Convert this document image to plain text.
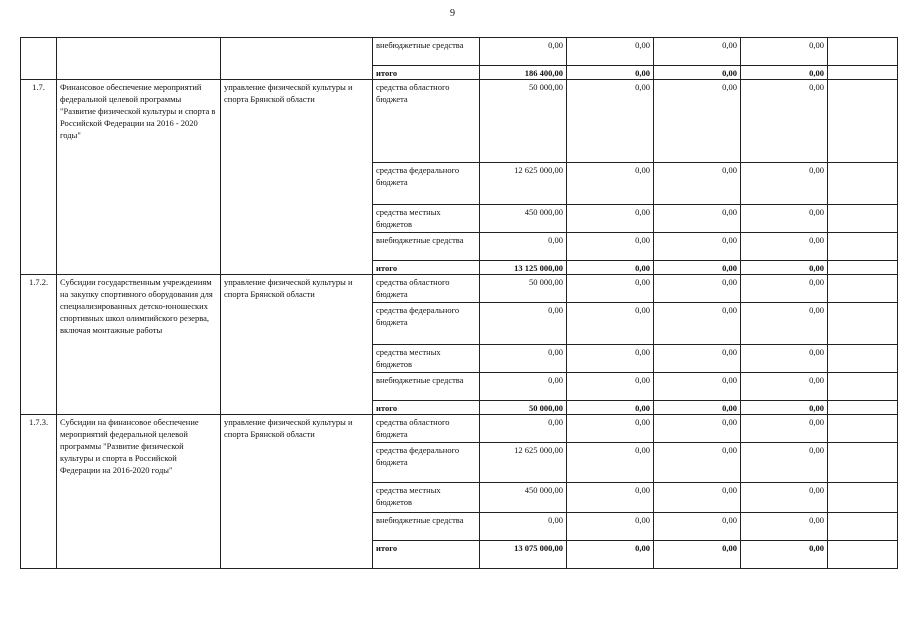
9
			внебюджетные средства	0,00	0,00	0,00	0,00	
			итого	186 400,00	0,00	0,00	0,00	
1.7.	Финансовое обеспечение мероприятий федеральной целевой программы "Развитие физической культуры и спорта в Российской Федерации на 2016 - 2020 годы"	управление физической культуры и спорта Брянской области	средства областного бюджета	50 000,00	0,00	0,00	0,00	
			средства федерального бюджета	12 625 000,00	0,00	0,00	0,00	
			средства местных бюджетов	450 000,00	0,00	0,00	0,00	
			внебюджетные средства	0,00	0,00	0,00	0,00	
			итого	13 125 000,00	0,00	0,00	0,00	
1.7.2.	Субсидии государственным учреждениям на закупку спортивного оборудования для специализированных детско-юношеских спортивных школ олимпийского резерва, включая монтажные работы	управление физической культуры и спорта Брянской области	средства областного бюджета	50 000,00	0,00	0,00	0,00	
			средства федерального бюджета	0,00	0,00	0,00	0,00	
			средства местных бюджетов	0,00	0,00	0,00	0,00	
			внебюджетные средства	0,00	0,00	0,00	0,00	
			итого	50 000,00	0,00	0,00	0,00	
1.7.3.	Субсидии на финансовое обеспечение мероприятий федеральной целевой программы "Развитие физической культуры и спорта в Российской Федерации на 2016-2020 годы"	управление физической культуры и спорта Брянской области	средства областного бюджета	0,00	0,00	0,00	0,00	
			средства федерального бюджета	12 625 000,00	0,00	0,00	0,00	
			средства местных бюджетов	450 000,00	0,00	0,00	0,00	
			внебюджетные средства	0,00	0,00	0,00	0,00	
			итого	13 075 000,00	0,00	0,00	0,00	
